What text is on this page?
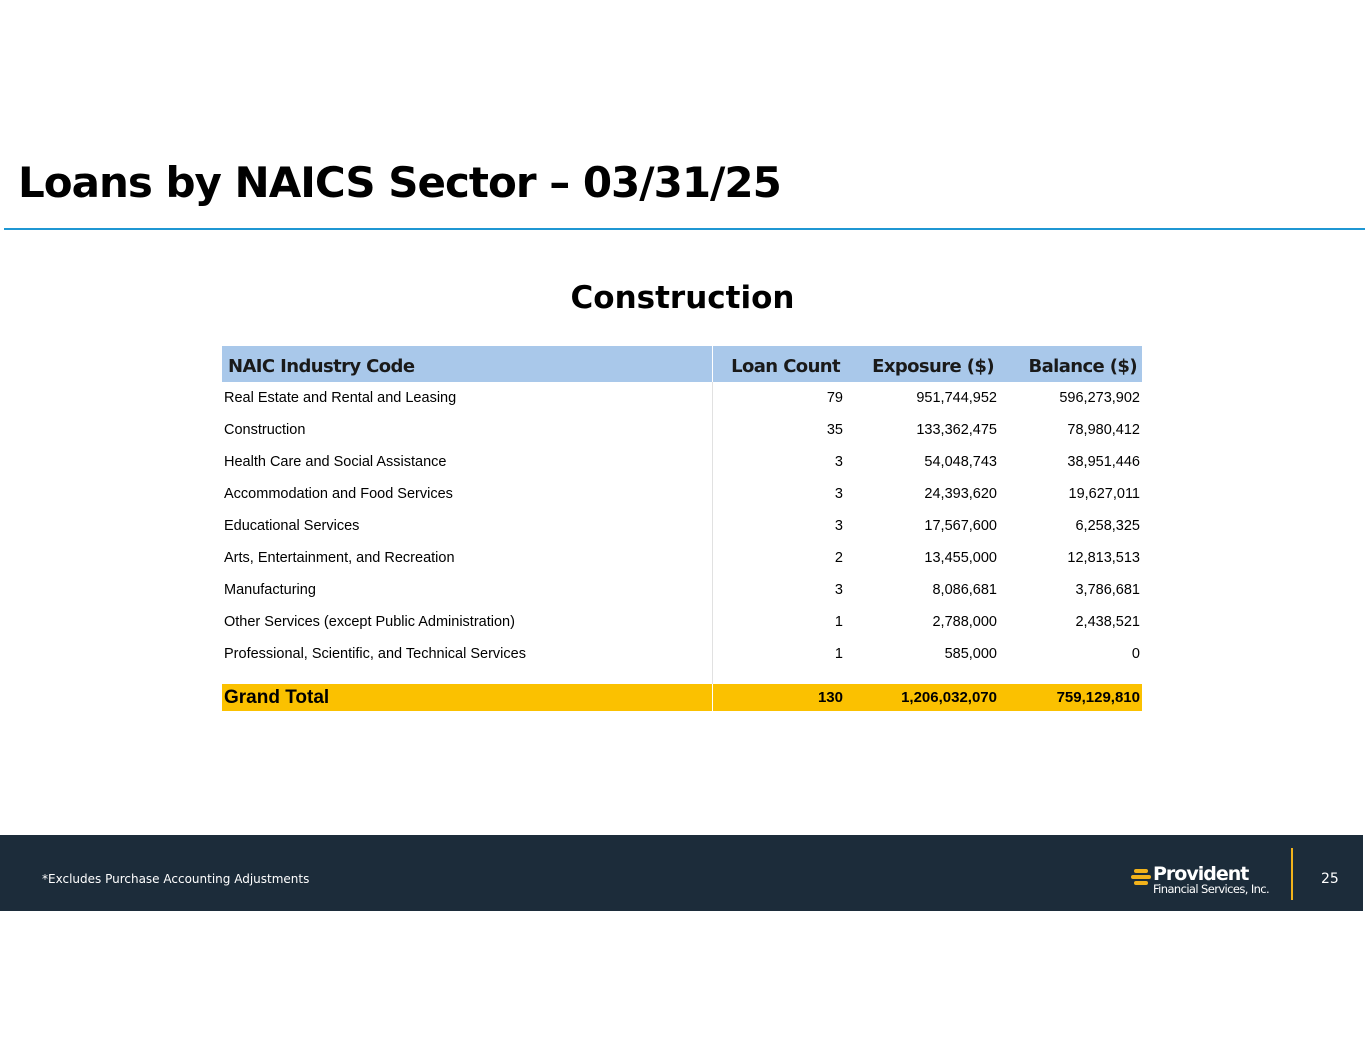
Loans by NAICS Sector – 03/31/25
Construction
NAIC Industry Code	Loan Count	Exposure ($)	Balance ($)
Real Estate and Rental and Leasing	79	951,744,952	596,273,902
Construction	35	133,362,475	78,980,412
Health Care and Social Assistance	3	54,048,743	38,951,446
Accommodation and Food Services	3	24,393,620	19,627,011
Educational Services	3	17,567,600	6,258,325
Arts, Entertainment, and Recreation	2	13,455,000	12,813,513
Manufacturing	3	8,086,681	3,786,681
Other Services (except Public Administration)	1	2,788,000	2,438,521
Professional, Scientific, and Technical Services	1	585,000	0

Grand Total	130	1,206,032,070	759,129,810
*Excludes Purchase Accounting Adjustments	Provident
Financial Services, Inc.
25
